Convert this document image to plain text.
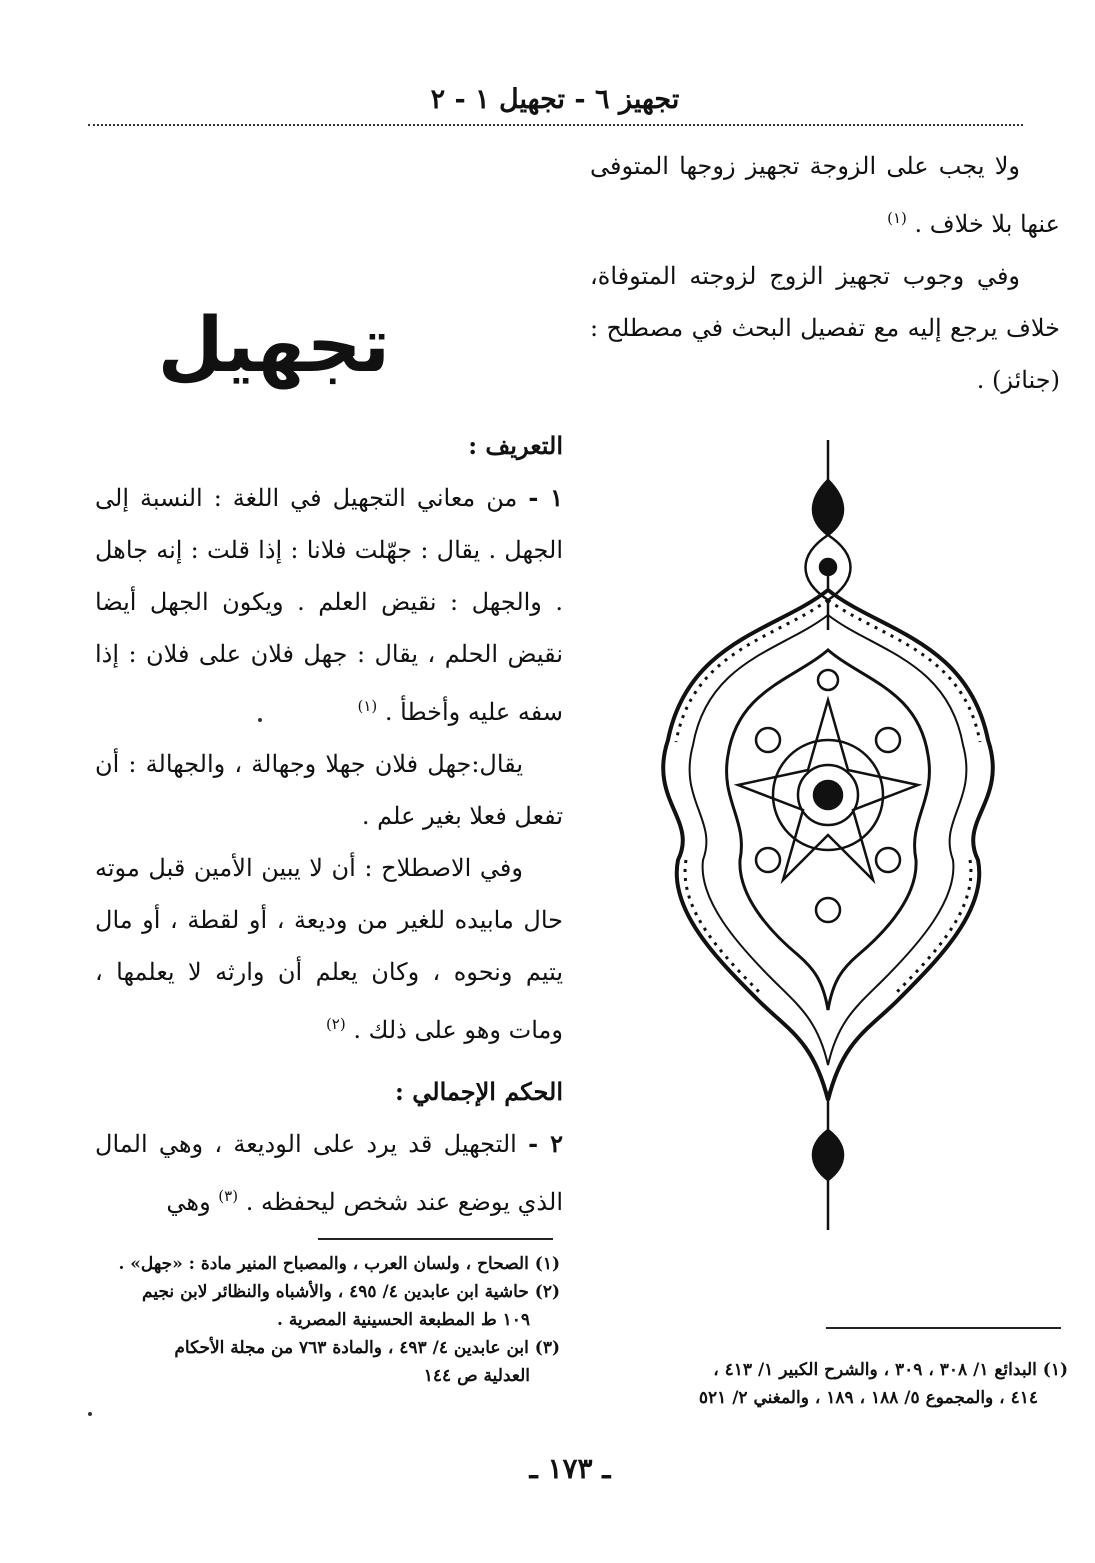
تجهيز ٦ - تجهيل ١ - ٢

ولا يجب على الزوجة تجهيز زوجها المتوفى عنها بلا خلاف . $^{(١)}$

وفي وجوب تجهيز الزوج لزوجته المتوفاة، خلاف يرجع إليه مع تفصيل البحث في مصطلح : (جنائز) .

تجهيل

التعريف :

١ - من معاني التجهيل في اللغة : النسبة إلى الجهل . يقال : جهّلت فلانا : إذا قلت : إنه جاهل . والجهل : نقيض العلم . ويكون الجهل أيضا نقيض الحلم ، يقال : جهل فلان على فلان : إذا سفه عليه وأخطأ . $^{(١)}$

يقال:جهل فلان جهلا وجهالة ، والجهالة : أن تفعل فعلا بغير علم .

وفي الاصطلاح : أن لا يبين الأمين قبل موته حال مابيده للغير من وديعة ، أو لقطة ، أو مال يتيم ونحوه ، وكان يعلم أن وارثه لا يعلمها ، ومات وهو على ذلك . $^{(٢)}$

الحكم الإجمالي :

٢ - التجهيل قد يرد على الوديعة ، وهي المال الذي يوضع عند شخص ليحفظه . $^{(٣)}$ وهي

(١) الصحاح ، ولسان العرب ، والمصباح المنير مادة : «جهل» .

(٢) حاشية ابن عابدين ٤/ ٤٩٥ ، والأشباه والنظائر لابن نجيم

١٠٩ ط المطبعة الحسينية المصرية .

(٣) ابن عابدين ٤/ ٤٩٣ ، والمادة ٧٦٣ من مجلة الأحكام

العدلية ص ١٤٤	(١) البدائع ١/ ٣٠٨ ، ٣٠٩ ، والشرح الكبير ١/ ٤١٣ ،

٤١٤ ، والمجموع ٥/ ١٨٨ ، ١٨٩ ، والمغني ٢/ ٥٢١

ـ ١٧٣ ـ
